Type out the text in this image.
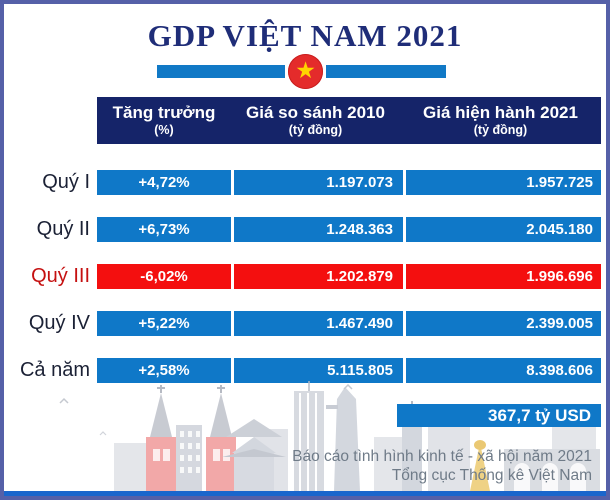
GDP VIỆT NAM 2021
★
Tăng trưởng
(%)
Giá so sánh 2010
(tỷ đồng)
Giá hiện hành 2021
(tỷ đồng)
Quý I	+4,72%	1.197.073	1.957.725
Quý II	+6,73%	1.248.363	2.045.180
Quý III	-6,02%	1.202.879	1.996.696
Quý IV	+5,22%	1.467.490	2.399.005
Cả năm	+2,58%	5.115.805	8.398.606
367,7 tỷ USD
Báo cáo tình hình kinh tế - xã hội năm 2021
Tổng cục Thống kê Việt Nam
